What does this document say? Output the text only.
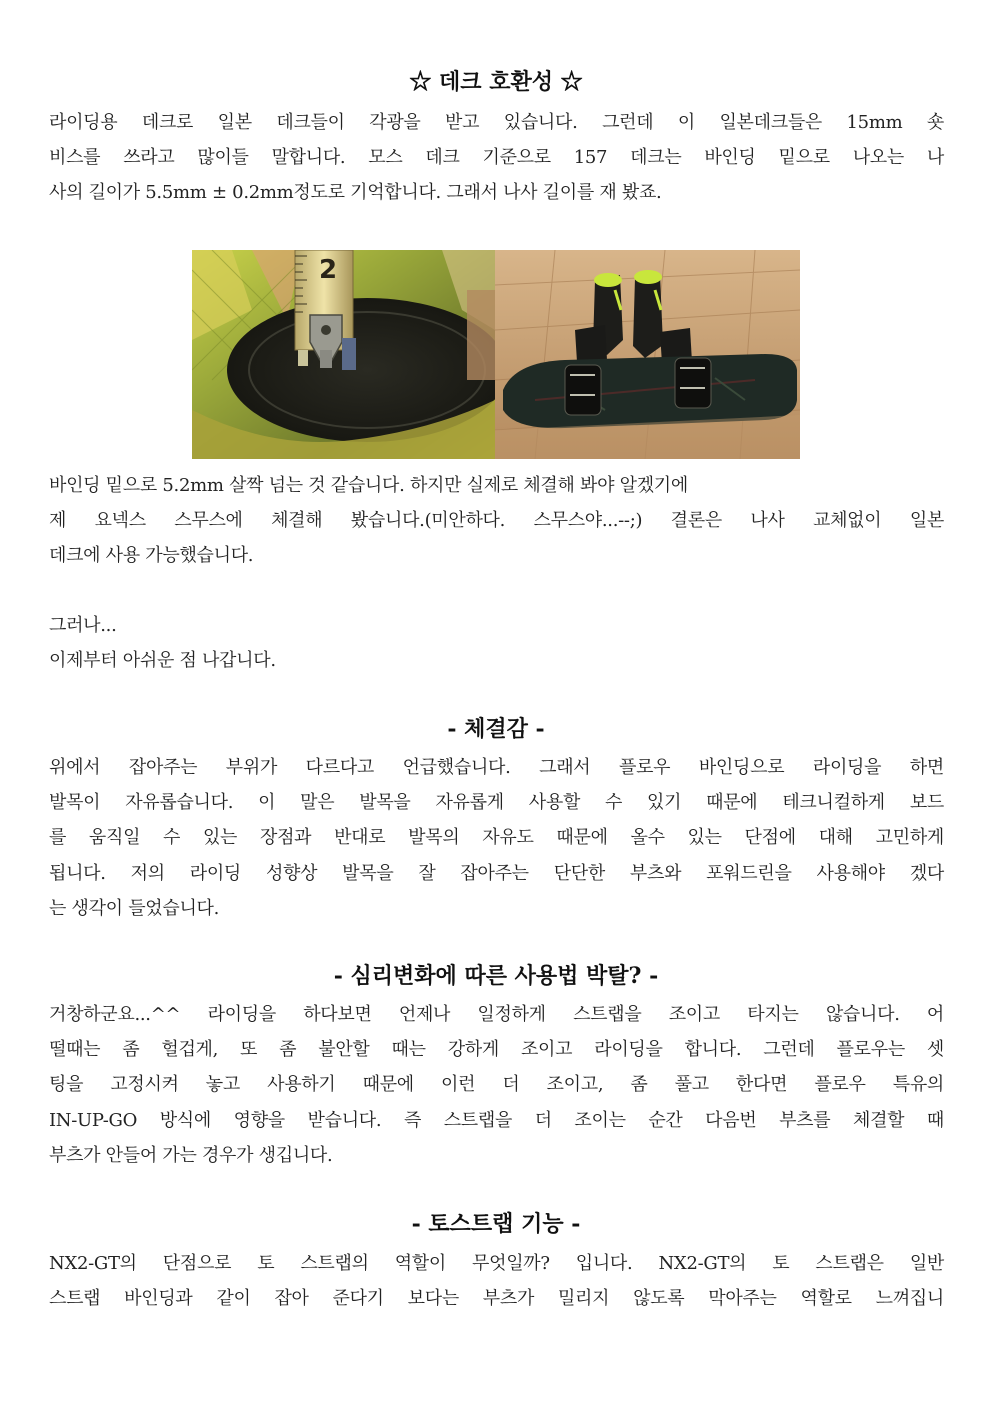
☆ 데크 호환성 ☆

라이딩용 데크로 일본 데크들이 각광을 받고 있습니다. 그런데 이 일본데크들은 15mm 숏
비스를 쓰라고 많이들 말합니다. 모스 데크 기준으로 157 데크는 바인딩 밑으로 나오는 나
사의 길이가 5.5mm ± 0.2mm정도로 기억합니다. 그래서 나사 길이를 재 봤죠.

2

바인딩 밑으로 5.2mm 살짝 넘는 것 같습니다. 하지만 실제로 체결해 봐야 알겠기에
제 요넥스 스무스에 체결해 봤습니다.(미안하다. 스무스야...--;) 결론은 나사 교체없이 일본
데크에 사용 가능했습니다.

그러나...
이제부터 아쉬운 점 나갑니다.

- 체결감 -

위에서 잡아주는 부위가 다르다고 언급했습니다. 그래서 플로우 바인딩으로 라이딩을 하면
발목이 자유롭습니다. 이 말은 발목을 자유롭게 사용할 수 있기 때문에 테크니컬하게 보드
를 움직일 수 있는 장점과 반대로 발목의 자유도 때문에 올수 있는 단점에 대해 고민하게
됩니다. 저의 라이딩 성향상 발목을 잘 잡아주는 단단한 부츠와 포워드린을 사용해야 겠다
는 생각이 들었습니다.

- 심리변화에 따른 사용법 박탈? -

거창하군요...^^ 라이딩을 하다보면 언제나 일정하게 스트랩을 조이고 타지는 않습니다. 어
떨때는 좀 헐겁게, 또 좀 불안할 때는 강하게 조이고 라이딩을 합니다. 그런데 플로우는 셋
팅을 고정시켜 놓고 사용하기 때문에 이런 더 조이고, 좀 풀고 한다면 플로우 특유의
IN-UP-GO 방식에 영향을 받습니다. 즉 스트랩을 더 조이는 순간 다음번 부츠를 체결할 때
부츠가 안들어 가는 경우가 생깁니다.

- 토스트랩 기능 -

NX2-GT의 단점으로 토 스트랩의 역할이 무엇일까? 입니다. NX2-GT의 토 스트랩은 일반
스트랩 바인딩과 같이 잡아 준다기 보다는 부츠가 밀리지 않도록 막아주는 역할로 느껴집니
